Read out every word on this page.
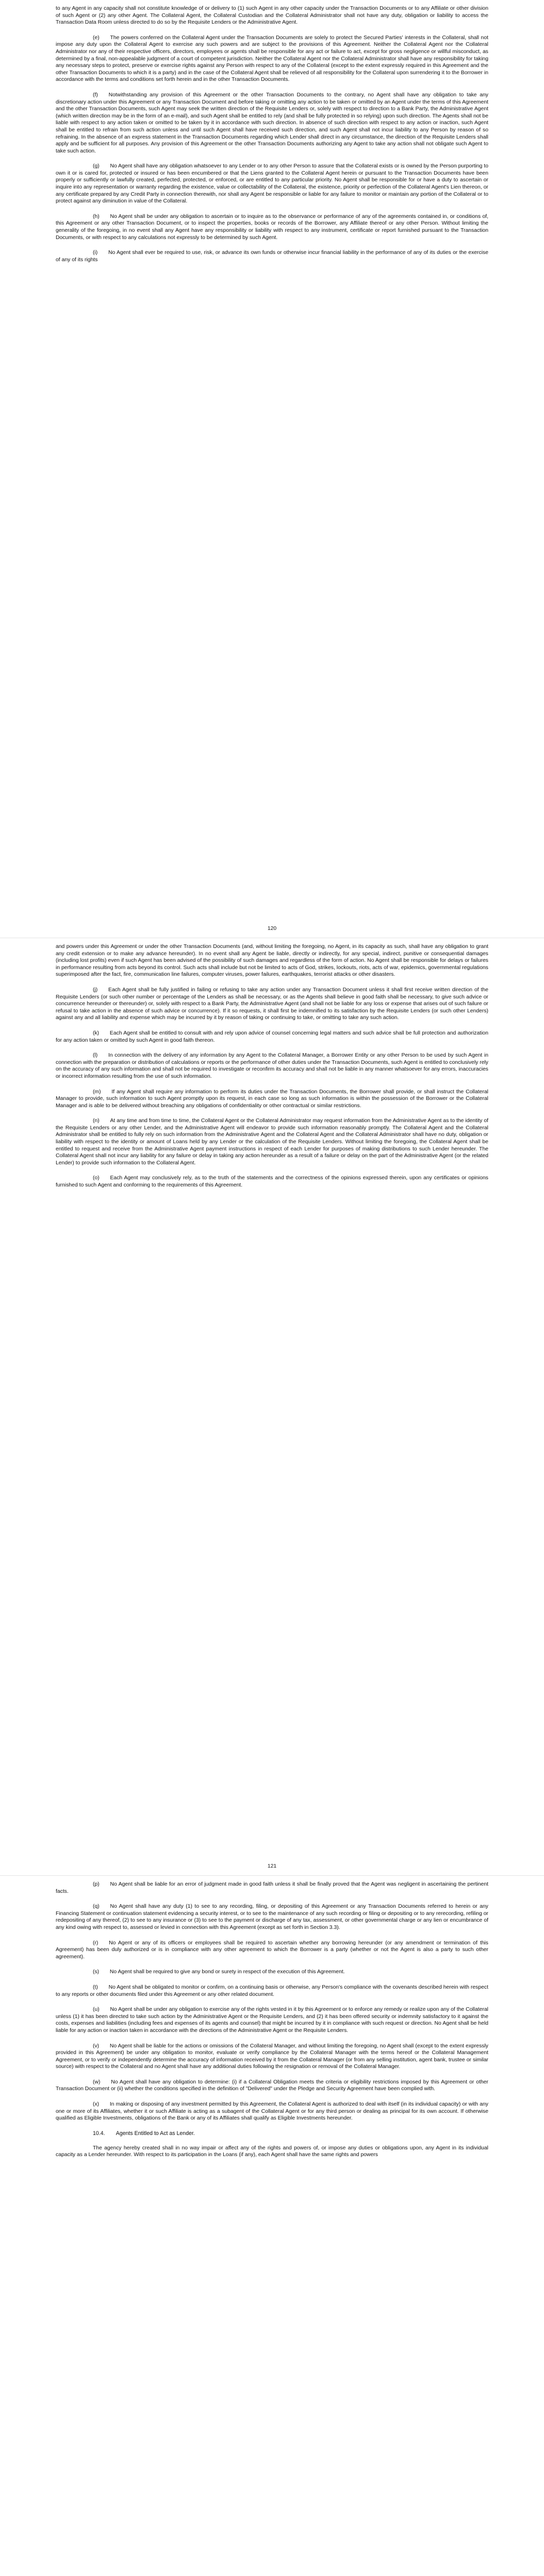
to any Agent in any capacity shall not constitute knowledge of or delivery to (1) such Agent in any other capacity under the Transaction Documents or to any Affiliate or other division of such Agent or (2) any other Agent. The Collateral Agent, the Collateral Custodian and the Collateral Administrator shall not have any duty, obligation or liability to access the Transaction Data Room unless directed to do so by the Requisite Lenders or the Administrative Agent.

(e)  The powers conferred on the Collateral Agent under the Transaction Documents are solely to protect the Secured Parties' interests in the Collateral, shall not impose any duty upon the Collateral Agent to exercise any such powers and are subject to the provisions of this Agreement. Neither the Collateral Agent nor the Collateral Administrator nor any of their respective officers, directors, employees or agents shall be responsible for any act or failure to act, except for gross negligence or willful misconduct, as determined by a final, non-appealable judgment of a court of competent jurisdiction. Neither the Collateral Agent nor the Collateral Administrator shall have any responsibility for taking any necessary steps to protect, preserve or exercise rights against any Person with respect to any of the Collateral (except to the extent expressly required in this Agreement and the other Transaction Documents to which it is a party) and in the case of the Collateral Agent shall be relieved of all responsibility for the Collateral upon surrendering it to the Borrower in accordance with the terms and conditions set forth herein and in the other Transaction Documents.

(f)  Notwithstanding any provision of this Agreement or the other Transaction Documents to the contrary, no Agent shall have any obligation to take any discretionary action under this Agreement or any Transaction Document and before taking or omitting any action to be taken or omitted by an Agent under the terms of this Agreement and the other Transaction Documents, such Agent may seek the written direction of the Requisite Lenders or, solely with respect to direction to a Bank Party, the Administrative Agent (which written direction may be in the form of an e-mail), and such Agent shall be entitled to rely (and shall be fully protected in so relying) upon such direction. The Agents shall not be liable with respect to any action taken or omitted to be taken by it in accordance with such direction. In absence of such direction with respect to any action or inaction, such Agent shall be entitled to refrain from such action unless and until such Agent shall have received such direction, and such Agent shall not incur liability to any Person by reason of so refraining. In the absence of an express statement in the Transaction Documents regarding which Lender shall direct in any circumstance, the direction of the Requisite Lenders shall apply and be sufficient for all purposes. Any provision of this Agreement or the other Transaction Documents authorizing any Agent to take any action shall not obligate such Agent to take such action.

(g)  No Agent shall have any obligation whatsoever to any Lender or to any other Person to assure that the Collateral exists or is owned by the Person purporting to own it or is cared for, protected or insured or has been encumbered or that the Liens granted to the Collateral Agent herein or pursuant to the Transaction Documents have been properly or sufficiently or lawfully created, perfected, protected, or enforced, or are entitled to any particular priority. No Agent shall be responsible for or have a duty to ascertain or inquire into any representation or warranty regarding the existence, value or collectability of the Collateral, the existence, priority or perfection of the Collateral Agent's Lien thereon, or any certificate prepared by any Credit Party in connection therewith, nor shall any Agent be responsible or liable for any failure to monitor or maintain any portion of the Collateral or to protect against any diminution in value of the Collateral.

(h)  No Agent shall be under any obligation to ascertain or to inquire as to the observance or performance of any of the agreements contained in, or conditions of, this Agreement or any other Transaction Document, or to inspect the properties, books or records of the Borrower, any Affiliate thereof or any other Person. Without limiting the generality of the foregoing, in no event shall any Agent have any responsibility or liability with respect to any instrument, certificate or report furnished pursuant to the Transaction Documents, or with respect to any calculations not expressly to be determined by such Agent.

(i)  No Agent shall ever be required to use, risk, or advance its own funds or otherwise incur financial liability in the performance of any of its duties or the exercise of any of its rights

120

and powers under this Agreement or under the other Transaction Documents (and, without limiting the foregoing, no Agent, in its capacity as such, shall have any obligation to grant any credit extension or to make any advance hereunder). In no event shall any Agent be liable, directly or indirectly, for any special, indirect, punitive or consequential damages (including lost profits) even if such Agent has been advised of the possibility of such damages and regardless of the form of action. No Agent shall be responsible for delays or failures in performance resulting from acts beyond its control. Such acts shall include but not be limited to acts of God, strikes, lockouts, riots, acts of war, epidemics, governmental regulations superimposed after the fact, fire, communication line failures, computer viruses, power failures, earthquakes, terrorist attacks or other disasters.

(j)  Each Agent shall be fully justified in failing or refusing to take any action under any Transaction Document unless it shall first receive written direction of the Requisite Lenders (or such other number or percentage of the Lenders as shall be necessary, or as the Agents shall believe in good faith shall be necessary, to give such advice or concurrence hereunder or thereunder) or, solely with respect to a Bank Party, the Administrative Agent (and shall not be liable for any loss or expense that arises out of such failure or refusal to take action in the absence of such advice or concurrence). If it so requests, it shall first be indemnified to its satisfaction by the Requisite Lenders (or such other Lenders) against any and all liability and expense which may be incurred by it by reason of taking or continuing to take, or omitting to take any such action.

(k)  Each Agent shall be entitled to consult with and rely upon advice of counsel concerning legal matters and such advice shall be full protection and authorization for any action taken or omitted by such Agent in good faith thereon.

(l)  In connection with the delivery of any information by any Agent to the Collateral Manager, a Borrower Entity or any other Person to be used by such Agent in connection with the preparation or distribution of calculations or reports or the performance of other duties under the Transaction Documents, such Agent is entitled to conclusively rely on the accuracy of any such information and shall not be required to investigate or reconfirm its accuracy and shall not be liable in any manner whatsoever for any errors, inaccuracies or incorrect information resulting from the use of such information.

(m)  If any Agent shall require any information to perform its duties under the Transaction Documents, the Borrower shall provide, or shall instruct the Collateral Manager to provide, such information to such Agent promptly upon its request, in each case so long as such information is within the possession of the Borrower or the Collateral Manager and is able to be delivered without breaching any obligations of confidentiality or other contractual or similar restrictions.

(n)  At any time and from time to time, the Collateral Agent or the Collateral Administrator may request information from the Administrative Agent as to the identity of the Requisite Lenders or any other Lender, and the Administrative Agent will endeavor to provide such information reasonably promptly. The Collateral Agent and the Collateral Administrator shall be entitled to fully rely on such information from the Administrative Agent and the Collateral Agent and the Collateral Administrator shall have no duty, obligation or liability with respect to the identity or amount of Loans held by any Lender or the calculation of the Requisite Lenders. Without limiting the foregoing, the Collateral Agent shall be entitled to request and receive from the Administrative Agent payment instructions in respect of each Lender for purposes of making distributions to such Lender hereunder. The Collateral Agent shall not incur any liability for any failure or delay in taking any action hereunder as a result of a failure or delay on the part of the Administrative Agent (or the related Lender) to provide such information to the Collateral Agent.

(o)  Each Agent may conclusively rely, as to the truth of the statements and the correctness of the opinions expressed therein, upon any certificates or opinions furnished to such Agent and conforming to the requirements of this Agreement.

121

(p)  No Agent shall be liable for an error of judgment made in good faith unless it shall be finally proved that the Agent was negligent in ascertaining the pertinent facts.

(q)  No Agent shall have any duty (1) to see to any recording, filing, or depositing of this Agreement or any Transaction Documents referred to herein or any Financing Statement or continuation statement evidencing a security interest, or to see to the maintenance of any such recording or filing or depositing or to any rerecording, refiling or redepositing of any thereof, (2) to see to any insurance or (3) to see to the payment or discharge of any tax, assessment, or other governmental charge or any lien or encumbrance of any kind owing with respect to, assessed or levied in connection with this Agreement (except as set forth in Section 3.3).

(r)  No Agent or any of its officers or employees shall be required to ascertain whether any borrowing hereunder (or any amendment or termination of this Agreement) has been duly authorized or is in compliance with any other agreement to which the Borrower is a party (whether or not the Agent is also a party to such other agreement).

(s)  No Agent shall be required to give any bond or surety in respect of the execution of this Agreement.

(t)  No Agent shall be obligated to monitor or confirm, on a continuing basis or otherwise, any Person's compliance with the covenants described herein with respect to any reports or other documents filed under this Agreement or any other related document.

(u)  No Agent shall be under any obligation to exercise any of the rights vested in it by this Agreement or to enforce any remedy or realize upon any of the Collateral unless (1) it has been directed to take such action by the Administrative Agent or the Requisite Lenders, and (2) it has been offered security or indemnity satisfactory to it against the costs, expenses and liabilities (including fees and expenses of its agents and counsel) that might be incurred by it in compliance with such request or direction. No Agent shall be held liable for any action or inaction taken in accordance with the directions of the Administrative Agent or the Requisite Lenders.

(v)  No Agent shall be liable for the actions or omissions of the Collateral Manager, and without limiting the foregoing, no Agent shall (except to the extent expressly provided in this Agreement) be under any obligation to monitor, evaluate or verify compliance by the Collateral Manager with the terms hereof or the Collateral Management Agreement, or to verify or independently determine the accuracy of information received by it from the Collateral Manager (or from any selling institution, agent bank, trustee or similar source) with respect to the Collateral and no Agent shall have any additional duties following the resignation or removal of the Collateral Manager.

(w)  No Agent shall have any obligation to determine: (i) if a Collateral Obligation meets the criteria or eligibility restrictions imposed by this Agreement or other Transaction Document or (ii) whether the conditions specified in the definition of "Delivered" under the Pledge and Security Agreement have been complied with.

(x)  In making or disposing of any investment permitted by this Agreement, the Collateral Agent is authorized to deal with itself (in its individual capacity) or with any one or more of its Affiliates, whether it or such Affiliate is acting as a subagent of the Collateral Agent or for any third person or dealing as principal for its own account. If otherwise qualified as Eligible Investments, obligations of the Bank or any of its Affiliates shall qualify as Eligible Investments hereunder.

10.4.  Agents Entitled to Act as Lender.

The agency hereby created shall in no way impair or affect any of the rights and powers of, or impose any duties or obligations upon, any Agent in its individual capacity as a Lender hereunder. With respect to its participation in the Loans (if any), each Agent shall have the same rights and powers
